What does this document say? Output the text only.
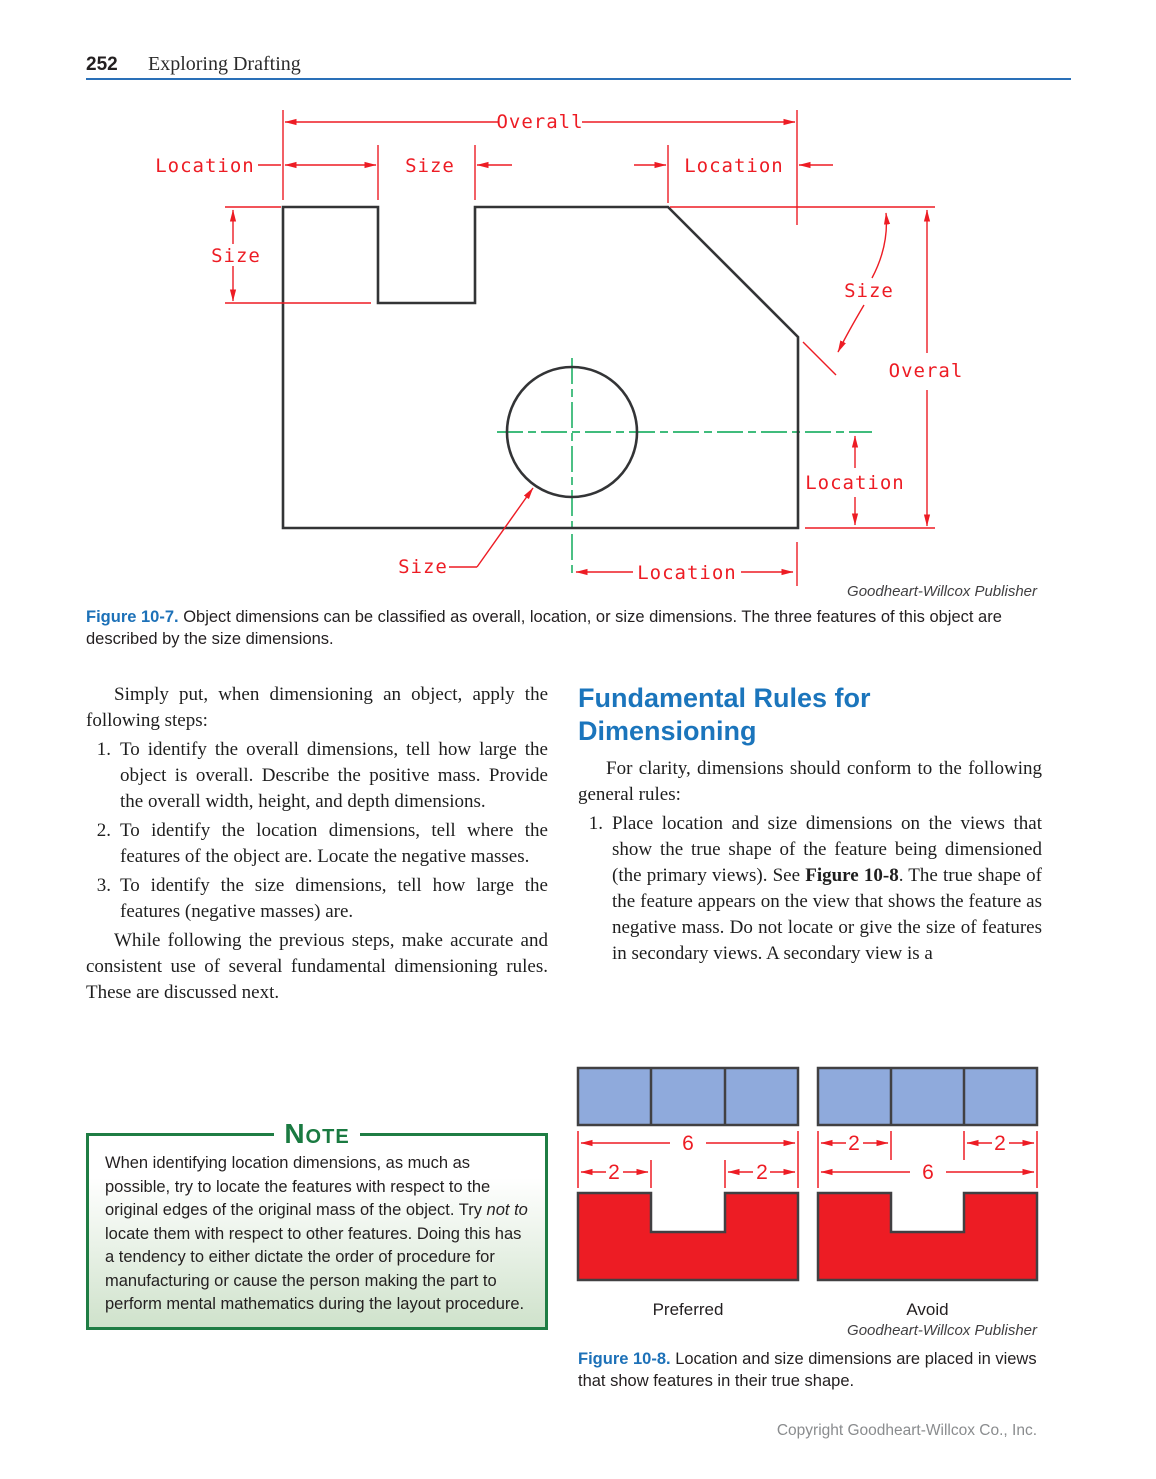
252 Exploring Drafting
Overall
Location	Size	Location
Size
Size
Overal
Location
Size	Location
Goodheart-Willcox Publisher
Figure 10-7. Object dimensions can be classified as overall, location, or size dimensions. The three features of this object are described by the size dimensions.

Simply put, when dimensioning an object, apply the following steps:

1. To identify the overall dimensions, tell how large the object is overall. Describe the positive mass. Provide the overall width, height, and depth dimensions.
2. To identify the location dimensions, tell where the features of the object are. Locate the negative masses.
3. To identify the size dimensions, tell how large the features (negative masses) are.

While following the previous steps, make accurate and consistent use of several fundamental dimensioning rules. These are discussed next.

Note
When identifying location dimensions, as much as possible, try to locate the features with respect to the original edges of the original mass of the object. Try not to locate them with respect to other features. Doing this has a tendency to either dictate the order of procedure for manufacturing or cause the person making the part to perform mental mathematics during the layout procedure.
Fundamental Rules for Dimensioning

For clarity, dimensions should conform to the following general rules:

1. Place location and size dimensions on the views that show the true shape of the feature being dimensioned (the primary views). See Figure 10-8. The true shape of the feature appears on the view that shows the feature as negative mass. Do not locate or give the size of features in secondary views. A secondary view is a
6
2	2
2	2
6
Preferred	Avoid
Goodheart-Willcox Publisher
Figure 10-8. Location and size dimensions are placed in views that show features in their true shape.
Copyright Goodheart-Willcox Co., Inc.
